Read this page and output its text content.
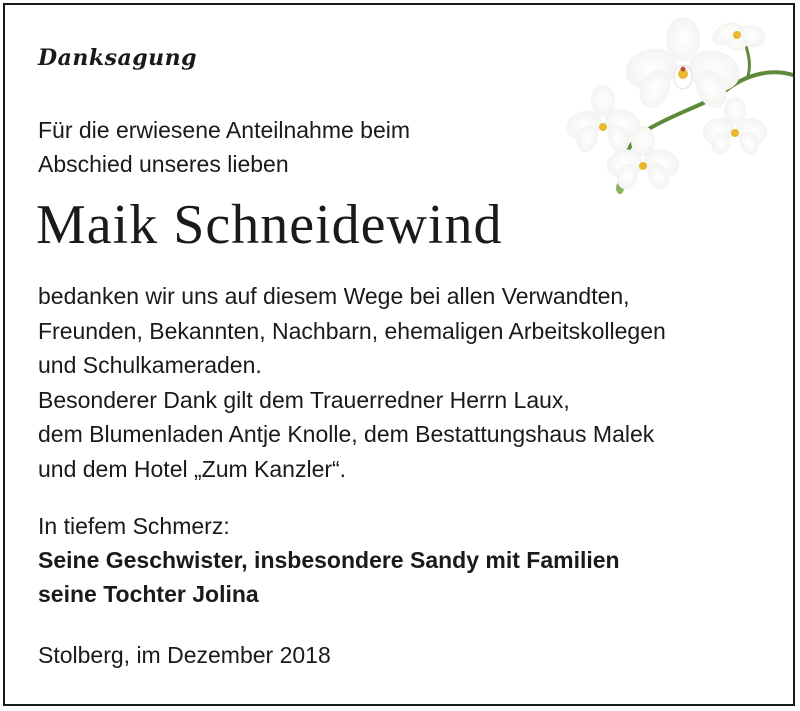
Danksagung
Für die erwiesene Anteilnahme beim
Abschied unseres lieben
Maik Schneidewind
bedanken wir uns auf diesem Wege bei allen Verwandten,
Freunden, Bekannten, Nachbarn, ehemaligen Arbeitskollegen
und Schulkameraden.
Besonderer Dank gilt dem Trauerredner Herrn Laux,
dem Blumenladen Antje Knolle, dem Bestattungshaus Malek
und dem Hotel „Zum Kanzler“.
In tiefem Schmerz:
Seine Geschwister, insbesondere Sandy mit Familien
seine Tochter Jolina
Stolberg, im Dezember 2018
